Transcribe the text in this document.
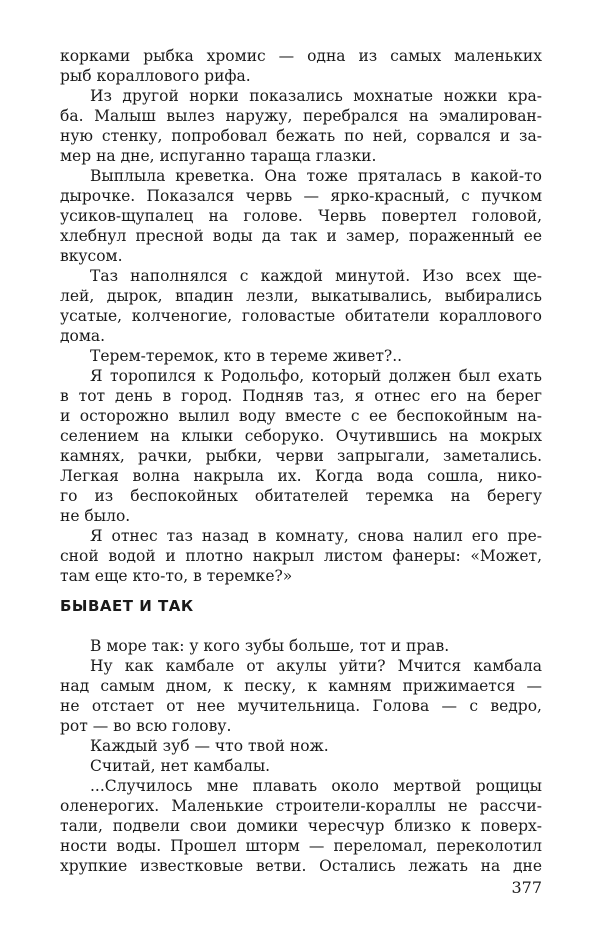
корками рыбка хромис — одна из самых маленьких
рыб кораллового рифа.
Из другой норки показались мохнатые ножки кра-
ба. Малыш вылез наружу, перебрался на эмалирован-
ную стенку, попробовал бежать по ней, сорвался и за-
мер на дне, испуганно тараща глазки.
Выплыла креветка. Она тоже пряталась в какой-то
дырочке. Показался червь — ярко-красный, с пучком
усиков-щупалец на голове. Червь повертел головой,
хлебнул пресной воды да так и замер, пораженный ее
вкусом.
Таз наполнялся с каждой минутой. Изо всех ще-
лей, дырок, впадин лезли, выкатывались, выбирались
усатые, колченогие, головастые обитатели кораллового
дома.
Терем-теремок, кто в тереме живет?..
Я торопился к Родольфо, который должен был ехать
в тот день в город. Подняв таз, я отнес его на берег
и осторожно вылил воду вместе с ее беспокойным на-
селением на клыки себоруко. Очутившись на мокрых
камнях, рачки, рыбки, черви запрыгали, заметались.
Легкая волна накрыла их. Когда вода сошла, нико-
го из беспокойных обитателей теремка на берегу
не было.
Я отнес таз назад в комнату, снова налил его пре-
сной водой и плотно накрыл листом фанеры: «Может,
там еще кто-то, в теремке?»
БЫВАЕТ И ТАК
В море так: у кого зубы больше, тот и прав.
Ну как камбале от акулы уйти? Мчится камбала
над самым дном, к песку, к камням прижимается —
не отстает от нее мучительница. Голова — с ведро,
рот — во всю голову.
Каждый зуб — что твой нож.
Считай, нет камбалы.
...Случилось мне плавать около мертвой рощицы
оленерогих. Маленькие строители-кораллы не рассчи-
тали, подвели свои домики чересчур близко к поверх-
ности воды. Прошел шторм — переломал, переколотил
хрупкие известковые ветви. Остались лежать на дне
377
